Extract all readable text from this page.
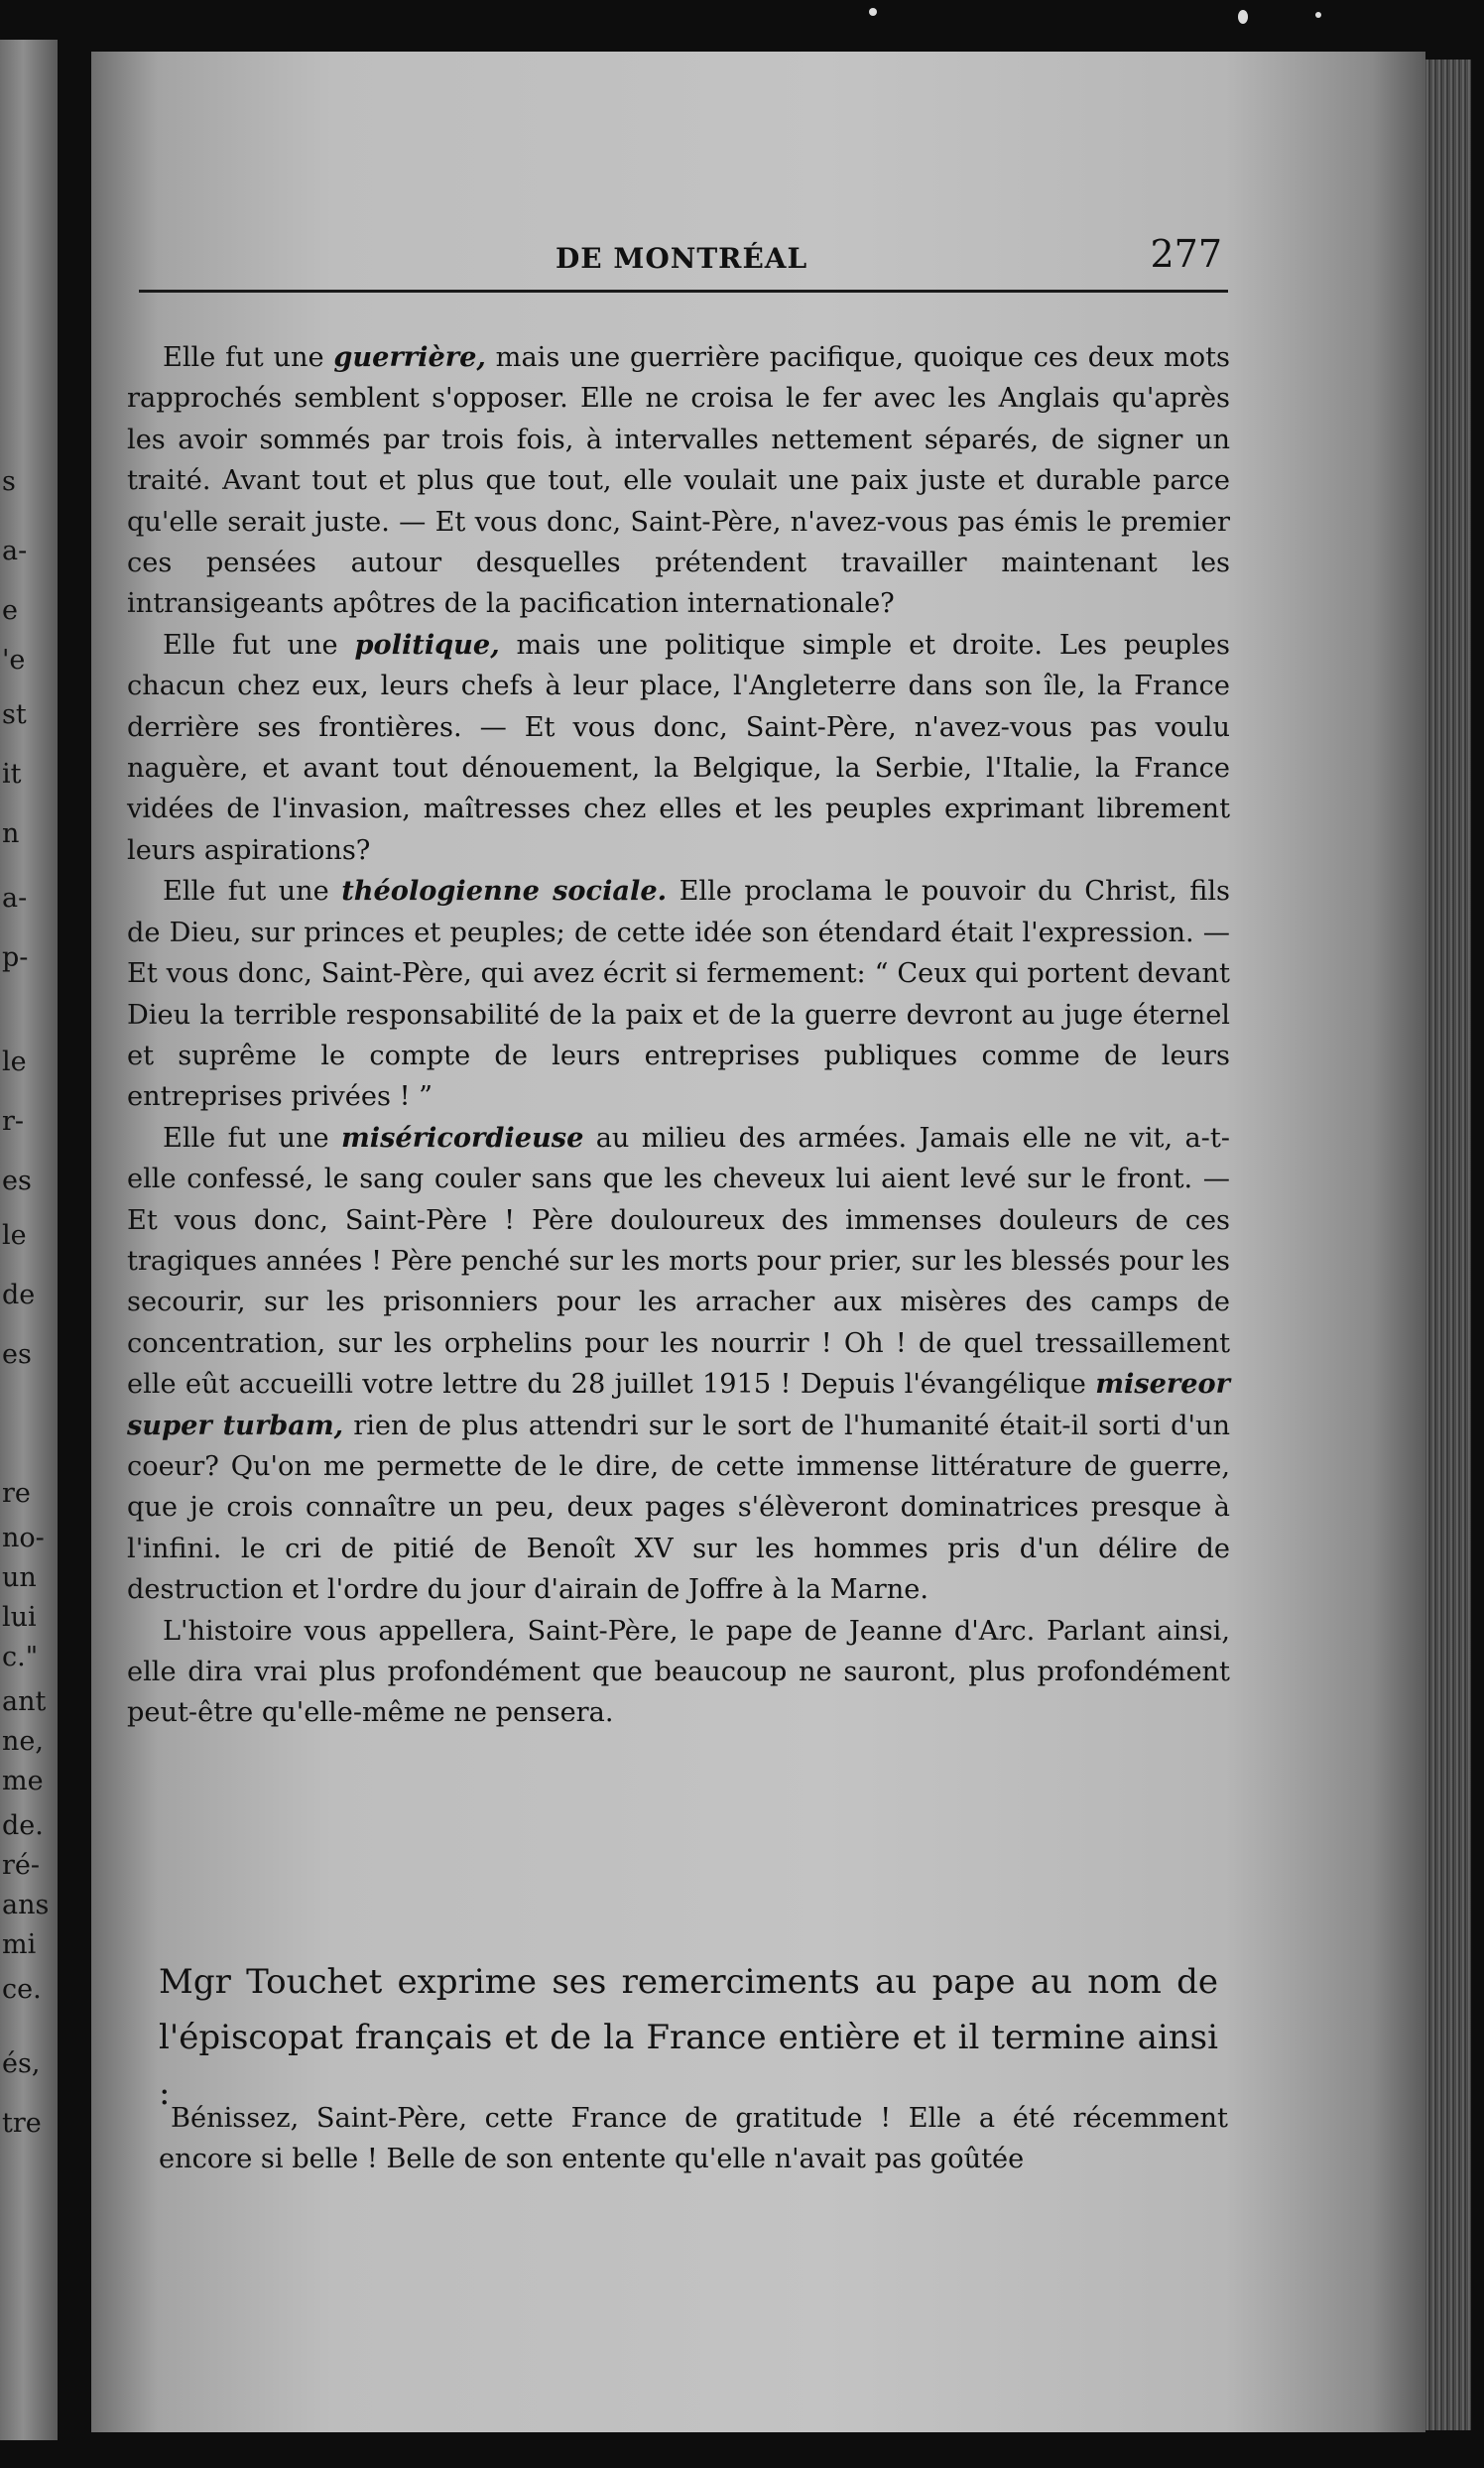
s
a-
e
'e
st
it
n
a-
p-
le
r-
es
le
de
es
re
no-
un
lui
c."
ant
ne,
me
de.
ré-
ans
mi
ce.
és,
tre
DE MONTRÉAL	277

Elle fut une guerrière, mais une guerrière pacifique, quoique ces deux mots rapprochés semblent s'opposer. Elle ne croisa le fer avec les Anglais qu'après les avoir sommés par trois fois, à intervalles nettement séparés, de signer un traité. Avant tout et plus que tout, elle voulait une paix juste et durable parce qu'elle serait juste. — Et vous donc, Saint-Père, n'avez-vous pas émis le premier ces pensées autour desquelles prétendent travailler maintenant les intransigeants apôtres de la pacification internationale?

Elle fut une politique, mais une politique simple et droite. Les peuples chacun chez eux, leurs chefs à leur place, l'Angleterre dans son île, la France derrière ses frontières. — Et vous donc, Saint-Père, n'avez-vous pas voulu naguère, et avant tout dénouement, la Belgique, la Serbie, l'Italie, la France vidées de l'invasion, maîtresses chez elles et les peuples exprimant librement leurs aspirations?

Elle fut une théologienne sociale. Elle proclama le pouvoir du Christ, fils de Dieu, sur princes et peuples; de cette idée son étendard était l'expression. — Et vous donc, Saint-Père, qui avez écrit si fermement: “ Ceux qui portent devant Dieu la terrible responsabilité de la paix et de la guerre devront au juge éternel et suprême le compte de leurs entreprises publiques comme de leurs entreprises privées ! ”

Elle fut une miséricordieuse au milieu des armées. Jamais elle ne vit, a-t-elle confessé, le sang couler sans que les cheveux lui aient levé sur le front. — Et vous donc, Saint-Père ! Père douloureux des immenses douleurs de ces tragiques années ! Père penché sur les morts pour prier, sur les blessés pour les secourir, sur les prisonniers pour les arracher aux misères des camps de concentration, sur les orphelins pour les nourrir ! Oh ! de quel tressaillement elle eût accueilli votre lettre du 28 juillet 1915 ! Depuis l'évangélique misereor super turbam, rien de plus attendri sur le sort de l'humanité était-il sorti d'un coeur? Qu'on me permette de le dire, de cette immense littérature de guerre, que je crois connaître un peu, deux pages s'élèveront dominatrices presque à l'infini. le cri de pitié de Benoît XV sur les hommes pris d'un délire de destruction et l'ordre du jour d'airain de Joffre à la Marne.

L'histoire vous appellera, Saint-Père, le pape de Jeanne d'Arc. Parlant ainsi, elle dira vrai plus profondément que beaucoup ne sauront, plus profondément peut-être qu'elle-même ne pensera.

Mgr Touchet exprime ses remerciments au pape au nom de l'épiscopat français et de la France entière et il termine ainsi :

Bénissez, Saint-Père, cette France de gratitude ! Elle a été récemment encore si belle ! Belle de son entente qu'elle n'avait pas goûtée
